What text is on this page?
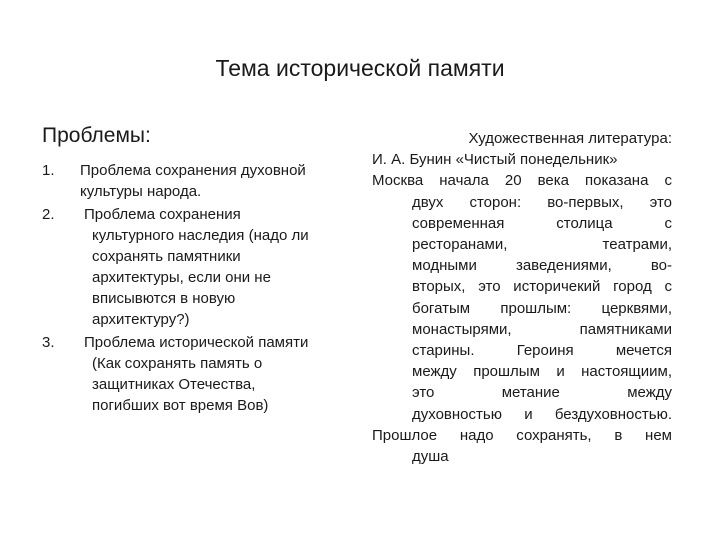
Тема исторической памяти
Проблемы:
1. Проблема сохранения духовной
культуры народа.
2. Проблема сохранения
культурного наследия (надо ли
сохранять памятники
архитектуры, если они не
вписывются в новую
архитектуру?)
3. Проблема исторической памяти
(Как сохранять память о
защитниках Отечества,
погибших вот время Вов)
Художественная литература:
И. А. Бунин «Чистый понедельник»
Москва начала 20 века показана с
двух сторон: во-первых, это
современная столица с
ресторанами, театрами,
модными заведениями, во-
вторых, это историчекий город с
богатым прошлым: церквями,
монастырями, памятниками
старины. Героиня мечется
между прошлым и настоящиим,
это метание между
духовностью и бездуховностью.
Прошлое надо сохранять, в нем
душа
